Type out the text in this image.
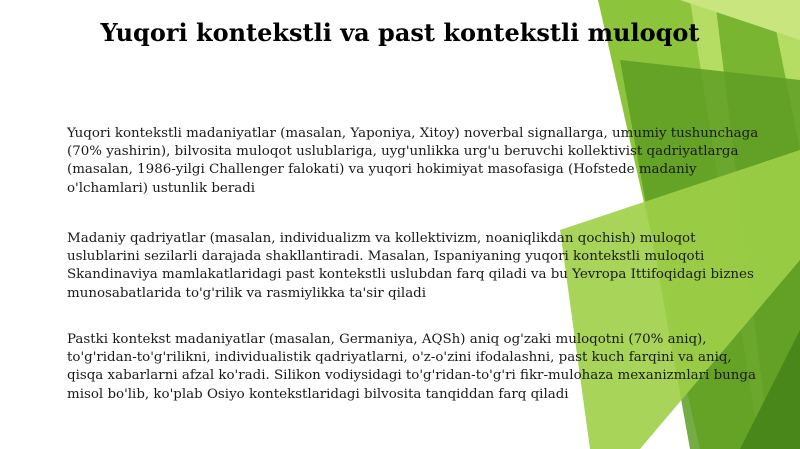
Yuqori kontekstli va past kontekstli muloqot

Yuqori kontekstli madaniyatlar (masalan, Yaponiya, Xitoy) noverbal signallarga, umumiy tushunchaga (70% yashirin), bilvosita muloqot uslublariga, uyg'unlikka urg'u beruvchi kollektivist qadriyatlarga (masalan, 1986-yilgi Challenger falokati) va yuqori hokimiyat masofasiga (Hofstede madaniy o'lchamlari) ustunlik beradi

Madaniy qadriyatlar (masalan, individualizm va kollektivizm, noaniqlikdan qochish) muloqot uslublarini sezilarli darajada shakllantiradi. Masalan, Ispaniyaning yuqori kontekstli muloqoti Skandinaviya mamlakatlaridagi past kontekstli uslubdan farq qiladi va bu Yevropa Ittifoqidagi biznes munosabatlarida to'g'rilik va rasmiylikka ta'sir qiladi

Pastki kontekst madaniyatlar (masalan, Germaniya, AQSh) aniq og'zaki muloqotni (70% aniq), to'g'ridan-to'g'rilikni, individualistik qadriyatlarni, o'z-o'zini ifodalashni, past kuch farqini va aniq, qisqa xabarlarni afzal ko'radi. Silikon vodiysidagi to'g'ridan-to'g'ri fikr-mulohaza mexanizmlari bunga misol bo'lib, ko'plab Osiyo kontekstlaridagi bilvosita tanqiddan farq qiladi
